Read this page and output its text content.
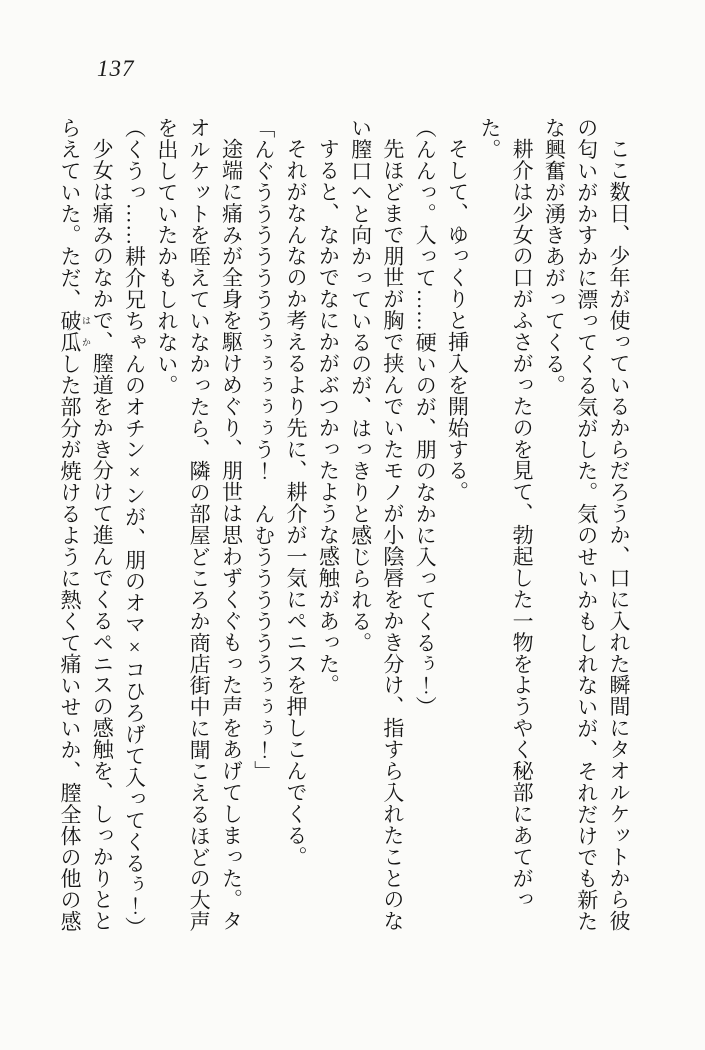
137

ここ数日、少年が使っているからだろうか、口に入れた瞬間にタオルケットから彼の匂いがかすかに漂ってくる気がした。気のせいかもしれないが、それだけでも新たな興奮が湧きあがってくる。

耕介は少女の口がふさがったのを見て、勃起した一物をようやく秘部にあてがった。

そして、ゆっくりと挿入を開始する。

（んんっ。入って……硬いのが、朋のなかに入ってくるぅ！）

先ほどまで朋世が胸で挟んでいたモノが小陰唇をかき分け、指すら入れたことのない膣口へと向かっているのが、はっきりと感じられる。

すると、なかでなにかがぶつかったような感触があった。

それがなんなのか考えるより先に、耕介が一気にペニスを押しこんでくる。

「んぐうううううううぅぅぅぅぅう！　んむううううううぅぅぅ！」

途端に痛みが全身を駆けめぐり、朋世は思わずくぐもった声をあげてしまった。タオルケットを咥えていなかったら、隣の部屋どころか商店街中に聞こえるほどの大声を出していたかもしれない。

（くうっ……耕介兄ちゃんのオチン×ンが、朋のオマ×コひろげて入ってくるぅ！）

少女は痛みのなかで、膣道をかき分けて進んでくるペニスの感触を、しっかりととらえていた。ただ、破瓜 はかした部分が焼けるように熱くて痛いせいか、膣全体の他の感
